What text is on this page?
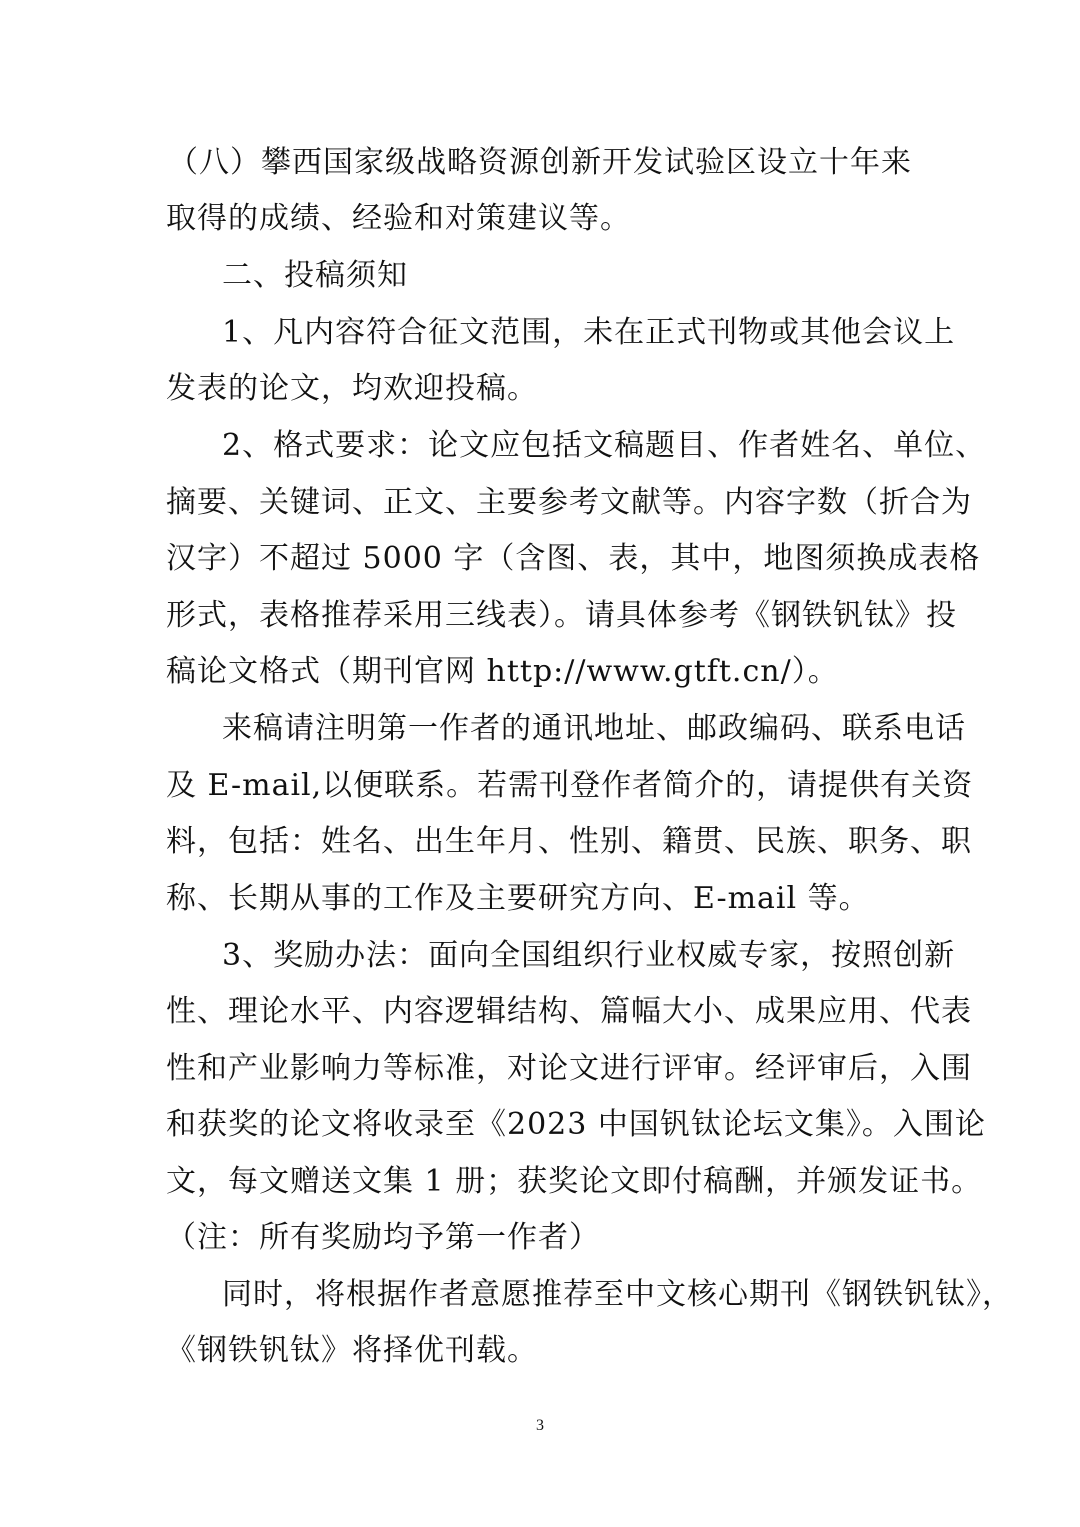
（八）攀西国家级战略资源创新开发试验区设立十年来
取得的成绩、经验和对策建议等。
二、投稿须知
1、凡内容符合征文范围，未在正式刊物或其他会议上
发表的论文，均欢迎投稿。
2、格式要求：论文应包括文稿题目、作者姓名、单位、
摘要、关键词、正文、主要参考文献等。内容字数（折合为
汉字）不超过 5000 字（含图、表，其中，地图须换成表格
形式，表格推荐采用三线表）。请具体参考《钢铁钒钛》投
稿论文格式（期刊官网 http://www.gtft.cn/）。
来稿请注明第一作者的通讯地址、邮政编码、联系电话
及 E-mail,以便联系。若需刊登作者简介的，请提供有关资
料，包括：姓名、出生年月、性别、籍贯、民族、职务、职
称、长期从事的工作及主要研究方向、E-mail 等。
3、奖励办法：面向全国组织行业权威专家，按照创新
性、理论水平、内容逻辑结构、篇幅大小、成果应用、代表
性和产业影响力等标准，对论文进行评审。经评审后，入围
和获奖的论文将收录至《2023 中国钒钛论坛文集》。入围论
文，每文赠送文集 1 册；获奖论文即付稿酬，并颁发证书。
（注：所有奖励均予第一作者）
同时，将根据作者意愿推荐至中文核心期刊《钢铁钒钛》，
《钢铁钒钛》将择优刊载。
3
